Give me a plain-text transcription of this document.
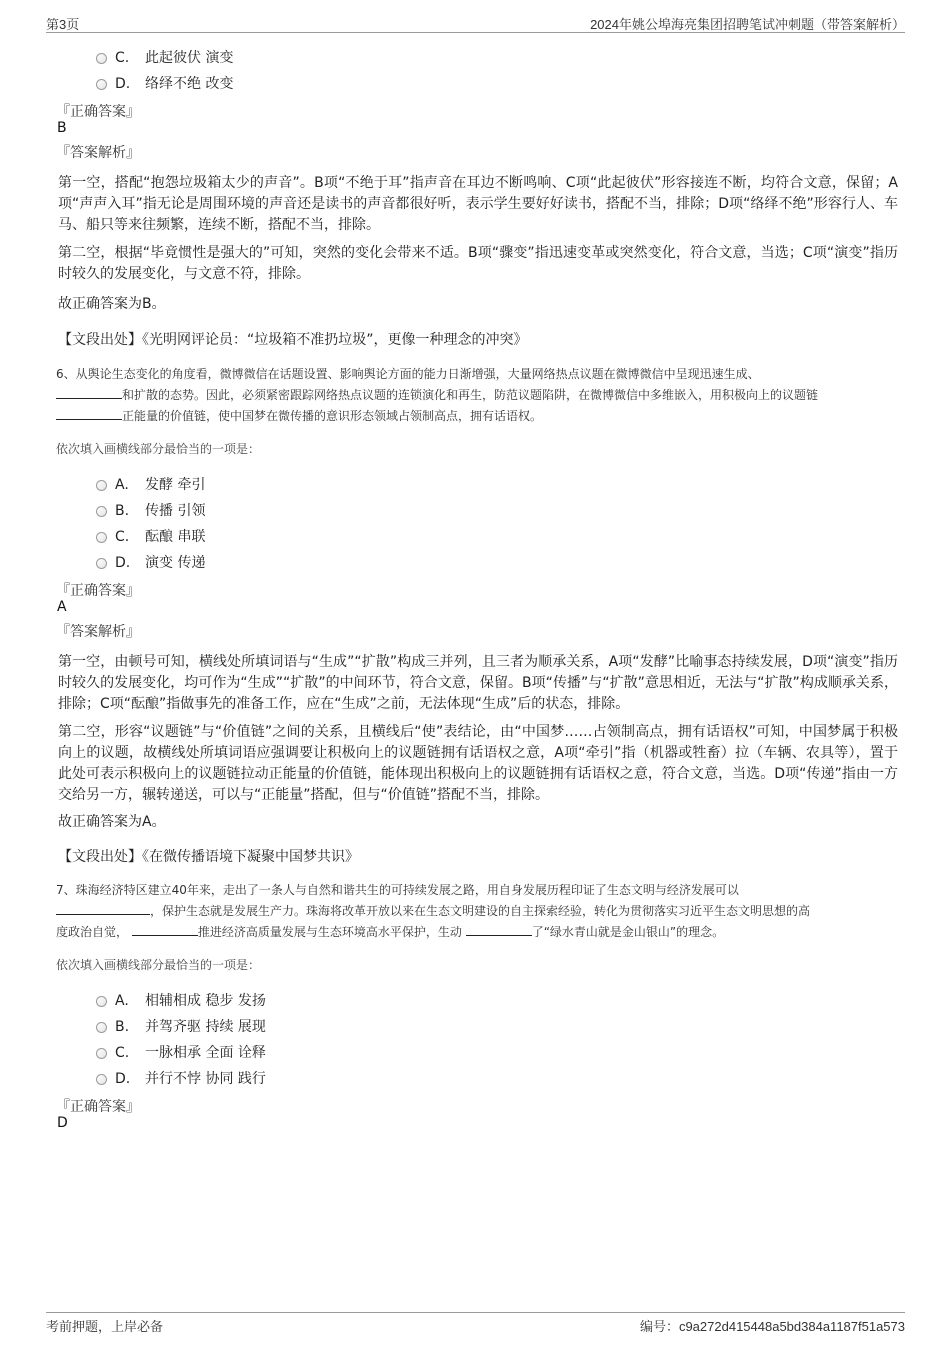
第3页	2024年姚公埠海亮集团招聘笔试冲刺题（带答案解析）
C. 此起彼伏 演变
D. 络绎不绝 改变
『正确答案』
B
『答案解析』
第一空，搭配“抱怨垃圾箱太少的声音”。B项“不绝于耳”指声音在耳边不断鸣响、C项“此起彼伏”形容接连不断，均符合文意，保留；A项“声声入耳”指无论是周围环境的声音还是读书的声音都很好听，表示学生要好好读书，搭配不当，排除；D项“络绎不绝”形容行人、车马、船只等来往频繁，连续不断，搭配不当，排除。
第二空，根据“毕竟惯性是强大的”可知，突然的变化会带来不适。B项“骤变”指迅速变革或突然变化，符合文意，当选；C项“演变”指历时较久的发展变化，与文意不符，排除。
故正确答案为B。
【文段出处】《光明网评论员：“垃圾箱不准扔垃圾”，更像一种理念的冲突》
6、从舆论生态变化的角度看，微博微信在话题设置、影响舆论方面的能力日渐增强，大量网络热点议题在微博微信中呈现迅速生成、
和扩散的态势。因此，必须紧密跟踪网络热点议题的连锁演化和再生，防范议题陷阱，在微博微信中多维嵌入，用积极向上的议题链
正能量的价值链，使中国梦在微传播的意识形态领域占领制高点，拥有话语权。
依次填入画横线部分最恰当的一项是：
A. 发酵 牵引
B. 传播 引领
C. 酝酿 串联
D. 演变 传递
『正确答案』
A
『答案解析』
第一空，由顿号可知，横线处所填词语与“生成”“扩散”构成三并列，且三者为顺承关系，A项“发酵”比喻事态持续发展，D项“演变”指历时较久的发展变化，均可作为“生成”“扩散”的中间环节，符合文意，保留。B项“传播”与“扩散”意思相近，无法与“扩散”构成顺承关系，排除；C项“酝酿”指做事先的准备工作，应在“生成”之前，无法体现“生成”后的状态，排除。
第二空，形容“议题链”与“价值链”之间的关系，且横线后“使”表结论，由“中国梦……占领制高点，拥有话语权”可知，中国梦属于积极向上的议题，故横线处所填词语应强调要让积极向上的议题链拥有话语权之意，A项“牵引”指（机器或牲畜）拉（车辆、农具等），置于此处可表示积极向上的议题链拉动正能量的价值链，能体现出积极向上的议题链拥有话语权之意，符合文意，当选。D项“传递”指由一方交给另一方，辗转递送，可以与“正能量”搭配，但与“价值链”搭配不当，排除。
故正确答案为A。
【文段出处】《在微传播语境下凝聚中国梦共识》
7、珠海经济特区建立40年来，走出了一条人与自然和谐共生的可持续发展之路，用自身发展历程印证了生态文明与经济发展可以
，保护生态就是发展生产力。珠海将改革开放以来在生态文明建设的自主探索经验，转化为贯彻落实习近平生态文明思想的高
度政治自觉，	推进经济高质量发展与生态环境高水平保护，生动	了“绿水青山就是金山银山”的理念。
依次填入画横线部分最恰当的一项是：
A. 相辅相成 稳步 发扬
B. 并驾齐驱 持续 展现
C. 一脉相承 全面 诠释
D. 并行不悖 协同 践行
『正确答案』
D
考前押题，上岸必备	编号：c9a272d415448a5bd384a1187f51a573
